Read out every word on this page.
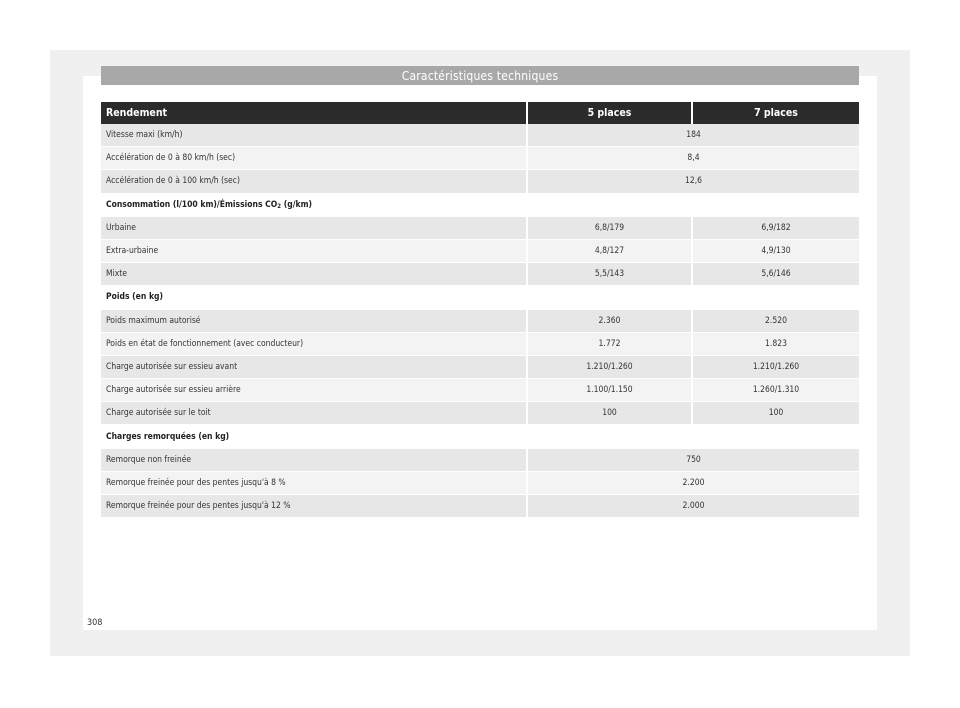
Caractéristiques techniques
Rendement	5 places	7 places
Vitesse maxi (km/h)	184	
Accélération de 0 à 80 km/h (sec)	8,4	
Accélération de 0 à 100 km/h (sec)	12,6	
Consommation (l/100 km)/Émissions $CO_2$ (g/km)		
Urbaine	6,8/179	6,9/182
Extra-urbaine	4,8/127	4,9/130
Mixte	5,5/143	5,6/146
Poids (en kg)		
Poids maximum autorisé	2.360	2.520
Poids en état de fonctionnement (avec conducteur)	1.772	1.823
Charge autorisée sur essieu avant	1.210/1.260	1.210/1.260
Charge autorisée sur essieu arrière	1.100/1.150	1.260/1.310
Charge autorisée sur le toit	100	100
Charges remorquées (en kg)		
Remorque non freinée	750	
Remorque freinée pour des pentes jusqu'à 8 %	2.200	
Remorque freinée pour des pentes jusqu'à 12 %	2.000	
308
